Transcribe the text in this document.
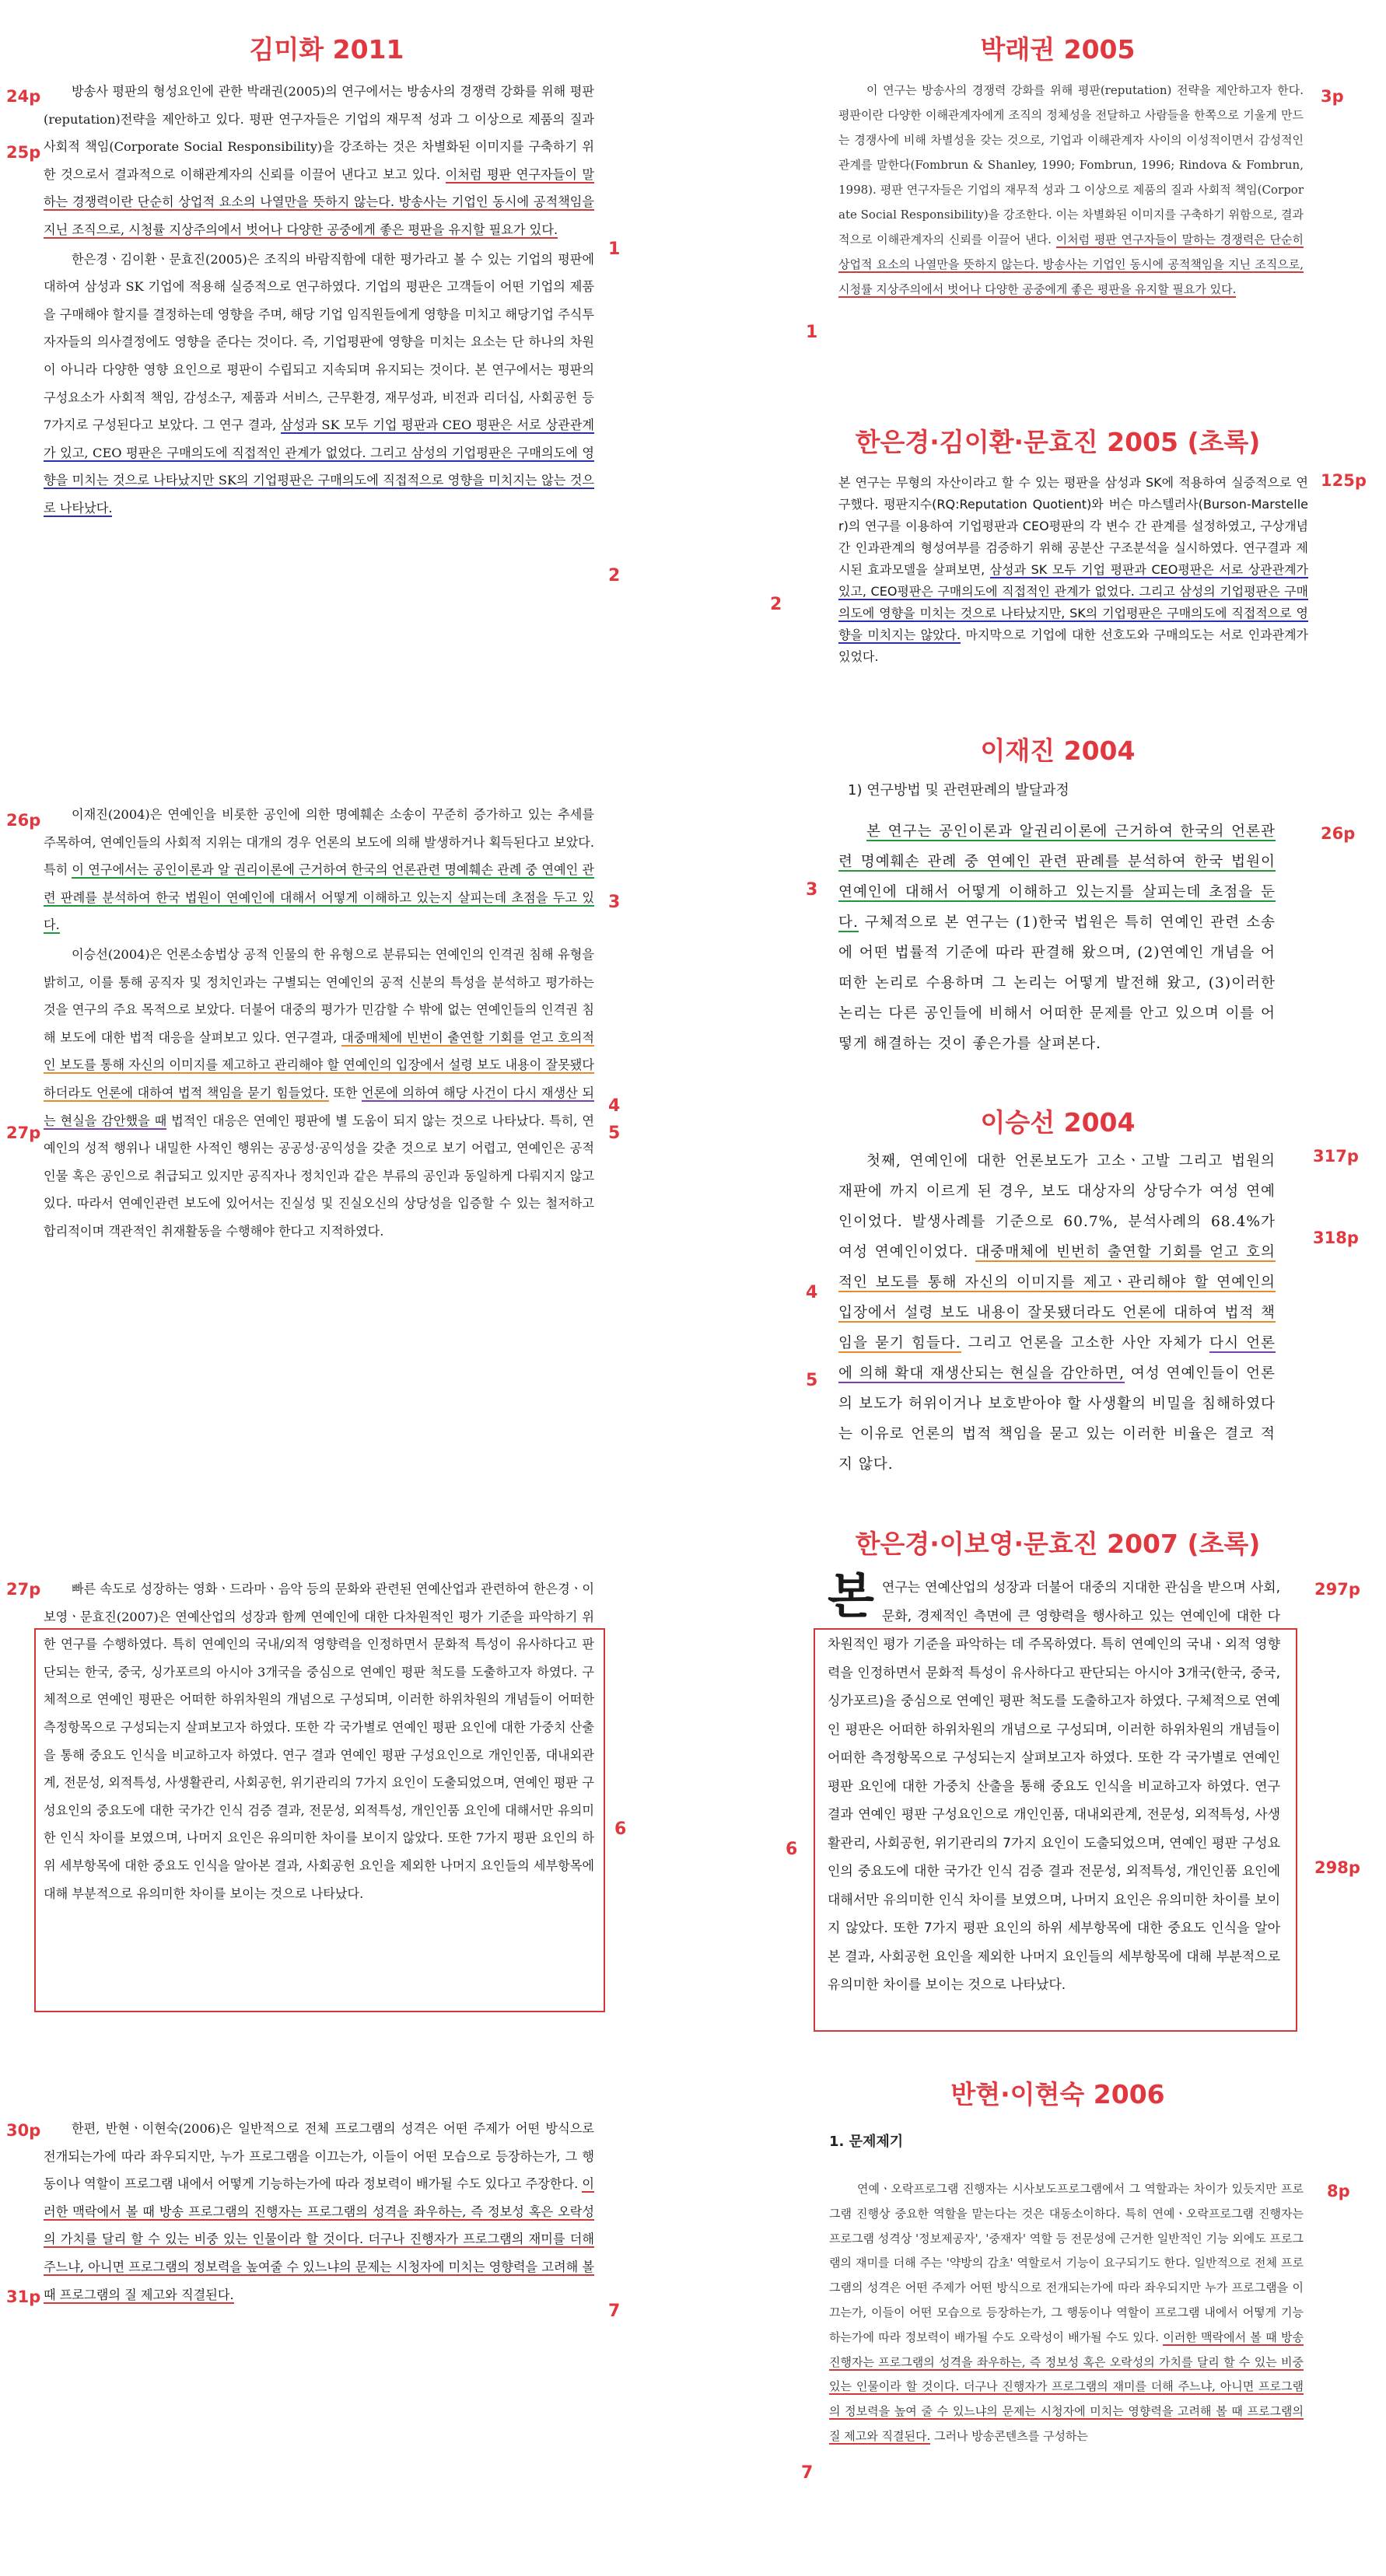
김미화 2011	박래권 2005
24p
25p
3p
1
2
1

방송사 평판의 형성요인에 관한 박래권(2005)의 연구에서는 방송사의 경쟁력 강화를 위해 평판(reputation)전략을 제안하고 있다. 평판 연구자들은 기업의 재무적 성과 그 이상으로 제품의 질과 사회적 책임(Corporate Social Responsibility)을 강조하는 것은 차별화된 이미지를 구축하기 위한 것으로서 결과적으로 이해관계자의 신뢰를 이끌어 낸다고 보고 있다. 이처럼 평판 연구자들이 말하는 경쟁력이란 단순히 상업적 요소의 나열만을 뜻하지 않는다. 방송사는 기업인 동시에 공적책임을 지닌 조직으로, 시청률 지상주의에서 벗어나 다양한 공중에게 좋은 평판을 유지할 필요가 있다.

한은경ㆍ김이환ㆍ문효진(2005)은 조직의 바람직함에 대한 평가라고 볼 수 있는 기업의 평판에 대하여 삼성과 SK 기업에 적용해 실증적으로 연구하였다. 기업의 평판은 고객들이 어떤 기업의 제품을 구매해야 할지를 결정하는데 영향을 주며, 해당 기업 임직원들에게 영향을 미치고 해당기업 주식투자자들의 의사결정에도 영향을 준다는 것이다. 즉, 기업평판에 영향을 미치는 요소는 단 하나의 차원이 아니라 다양한 영향 요인으로 평판이 수립되고 지속되며 유지되는 것이다. 본 연구에서는 평판의 구성요소가 사회적 책임, 감성소구, 제품과 서비스, 근무환경, 재무성과, 비전과 리더십, 사회공헌 등 7가지로 구성된다고 보았다. 그 연구 결과, 삼성과 SK 모두 기업 평판과 CEO 평판은 서로 상관관계가 있고, CEO 평판은 구매의도에 직접적인 관계가 없었다. 그리고 삼성의 기업평판은 구매의도에 영향을 미치는 것으로 나타났지만 SK의 기업평판은 구매의도에 직접적으로 영향을 미치지는 않는 것으로 나타났다.

이 연구는 방송사의 경쟁력 강화를 위해 평판(reputation) 전략을 제안하고자 한다. 평판이란 다양한 이해관계자에게 조직의 정체성을 전달하고 사람들을 한쪽으로 기울게 만드는 경쟁사에 비해 차별성을 갖는 것으로, 기업과 이해관계자 사이의 이성적이면서 감성적인 관계를 말한다(Fombrun & Shanley, 1990; Fombrun, 1996; Rindova & Fombrun, 1998). 평판 연구자들은 기업의 재무적 성과 그 이상으로 제품의 질과 사회적 책임(Corporate Social Responsibility)을 강조한다. 이는 차별화된 이미지를 구축하기 위함으로, 결과적으로 이해관계자의 신뢰를 이끌어 낸다. 이처럼 평판 연구자들이 말하는 경쟁력은 단순히 상업적 요소의 나열만을 뜻하지 않는다. 방송사는 기업인 동시에 공적책임을 지닌 조직으로, 시청률 지상주의에서 벗어나 다양한 공중에게 좋은 평판을 유지할 필요가 있다.

한은경·김이환·문효진 2005 (초록)
125p
2

본 연구는 무형의 자산이라고 할 수 있는 평판을 삼성과 SK에 적용하여 실증적으로 연구했다. 평판지수(RQ:Reputation Quotient)와 버슨 마스텔러사(Burson-Marsteller)의 연구를 이용하여 기업평판과 CEO평판의 각 변수 간 관계를 설정하였고, 구상개념 간 인과관계의 형성여부를 검증하기 위해 공분산 구조분석을 실시하였다. 연구결과 제시된 효과모델을 살펴보면, 삼성과 SK 모두 기업 평판과 CEO평판은 서로 상관관계가 있고, CEO평판은 구매의도에 직접적인 관계가 없었다. 그리고 삼성의 기업평판은 구매의도에 영향을 미치는 것으로 나타났지만, SK의 기업평판은 구매의도에 직접적으로 영향을 미치지는 않았다. 마지막으로 기업에 대한 선호도와 구매의도는 서로 인과관계가 있었다.

26p
27p
3
4
5

이재진(2004)은 연예인을 비롯한 공인에 의한 명예훼손 소송이 꾸준히 증가하고 있는 추세를 주목하여, 연예인들의 사회적 지위는 대개의 경우 언론의 보도에 의해 발생하거나 획득된다고 보았다. 특히 이 연구에서는 공인이론과 알 권리이론에 근거하여 한국의 언론관련 명예훼손 관례 중 연예인 관련 판례를 분석하여 한국 법원이 연예인에 대해서 어떻게 이해하고 있는지 살피는데 초점을 두고 있다.

이승선(2004)은 언론소송법상 공적 인물의 한 유형으로 분류되는 연예인의 인격권 침해 유형을 밝히고, 이를 통해 공직자 및 정치인과는 구별되는 연예인의 공적 신분의 특성을 분석하고 평가하는 것을 연구의 주요 목적으로 보았다. 더불어 대중의 평가가 민감할 수 밖에 없는 연예인들의 인격권 침해 보도에 대한 법적 대응을 살펴보고 있다. 연구결과, 대중매체에 빈번이 출연할 기회를 얻고 호의적인 보도를 통해 자신의 이미지를 제고하고 관리해야 할 연예인의 입장에서 설령 보도 내용이 잘못됐다 하더라도 언론에 대하여 법적 책임을 묻기 힘들었다. 또한 언론에 의하여 해당 사건이 다시 재생산 되는 현실을 감안했을 때 법적인 대응은 연예인 평판에 별 도움이 되지 않는 것으로 나타났다. 특히, 연예인의 성적 행위나 내밀한 사적인 행위는 공공성·공익성을 갖춘 것으로 보기 어렵고, 연예인은 공적인물 혹은 공인으로 취급되고 있지만 공직자나 정치인과 같은 부류의 공인과 동일하게 다뤄지지 않고 있다. 따라서 연예인관련 보도에 있어서는 진실성 및 진실오신의 상당성을 입증할 수 있는 철저하고 합리적이며 객관적인 취재활동을 수행해야 한다고 지적하였다.

이재진 2004
1) 연구방법 및 관련판례의 발달과정
26p
3

본 연구는 공인이론과 알권리이론에 근거하여 한국의 언론관련 명예훼손 관례 중 연예인 관련 판례를 분석하여 한국 법원이 연예인에 대해서 어떻게 이해하고 있는지를 살피는데 초점을 둔다. 구체적으로 본 연구는 (1)한국 법원은 특히 연예인 관련 소송에 어떤 법률적 기준에 따라 판결해 왔으며, (2)연예인 개념을 어떠한 논리로 수용하며 그 논리는 어떻게 발전해 왔고, (3)이러한 논리는 다른 공인들에 비해서 어떠한 문제를 안고 있으며 이를 어떻게 해결하는 것이 좋은가를 살펴본다.

이승선 2004
317p
318p
4
5

첫째, 연예인에 대한 언론보도가 고소ㆍ고발 그리고 법원의 재판에 까지 이르게 된 경우, 보도 대상자의 상당수가 여성 연예인이었다. 발생사례를 기준으로 60.7%, 분석사례의 68.4%가 여성 연예인이었다. 대중매체에 빈번히 출연할 기회를 얻고 호의적인 보도를 통해 자신의 이미지를 제고ㆍ관리해야 할 연예인의 입장에서 설령 보도 내용이 잘못됐더라도 언론에 대하여 법적 책임을 묻기 힘들다. 그리고 언론을 고소한 사안 자체가 다시 언론에 의해 확대 재생산되는 현실을 감안하면, 여성 연예인들이 언론의 보도가 허위이거나 보호받아야 할 사생활의 비밀을 침해하였다는 이유로 언론의 법적 책임을 묻고 있는 이러한 비율은 결코 적지 않다.

27p
6

빠른 속도로 성장하는 영화ㆍ드라마ㆍ음악 등의 문화와 관련된 연예산업과 관련하여 한은경ㆍ이보영ㆍ문효진(2007)은 연예산업의 성장과 함께 연예인에 대한 다차원적인 평가 기준을 파악하기 위한 연구를 수행하였다. 특히 연예인의 국내/외적 영향력을 인정하면서 문화적 특성이 유사하다고 판단되는 한국, 중국, 싱가포르의 아시아 3개국을 중심으로 연예인 평판 척도를 도출하고자 하였다. 구체적으로 연예인 평판은 어떠한 하위차원의 개념으로 구성되며, 이러한 하위차원의 개념들이 어떠한 측정항목으로 구성되는지 살펴보고자 하였다. 또한 각 국가별로 연예인 평판 요인에 대한 가중치 산출을 통해 중요도 인식을 비교하고자 하였다. 연구 결과 연예인 평판 구성요인으로 개인인품, 대내외관계, 전문성, 외적특성, 사생활관리, 사회공헌, 위기관리의 7가지 요인이 도출되었으며, 연예인 평판 구성요인의 중요도에 대한 국가간 인식 검증 결과, 전문성, 외적특성, 개인인품 요인에 대해서만 유의미한 인식 차이를 보였으며, 나머지 요인은 유의미한 차이를 보이지 않았다. 또한 7가지 평판 요인의 하위 세부항목에 대한 중요도 인식을 알아본 결과, 사회공헌 요인을 제외한 나머지 요인들의 세부항목에 대해 부분적으로 유의미한 차이를 보이는 것으로 나타났다.

한은경·이보영·문효진 2007 (초록)
297p
298p
6

본연구는 연예산업의 성장과 더불어 대중의 지대한 관심을 받으며 사회, 문화, 경제적인 측면에 큰 영향력을 행사하고 있는 연예인에 대한 다차원적인 평가 기준을 파악하는 데 주목하였다. 특히 연예인의 국내ㆍ외적 영향력을 인정하면서 문화적 특성이 유사하다고 판단되는 아시아 3개국(한국, 중국, 싱가포르)을 중심으로 연예인 평판 척도를 도출하고자 하였다. 구체적으로 연예인 평판은 어떠한 하위차원의 개념으로 구성되며, 이러한 하위차원의 개념들이 어떠한 측정항목으로 구성되는지 살펴보고자 하였다. 또한 각 국가별로 연예인 평판 요인에 대한 가중치 산출을 통해 중요도 인식을 비교하고자 하였다. 연구 결과 연예인 평판 구성요인으로 개인인품, 대내외관계, 전문성, 외적특성, 사생활관리, 사회공헌, 위기관리의 7가지 요인이 도출되었으며, 연예인 평판 구성요인의 중요도에 대한 국가간 인식 검증 결과 전문성, 외적특성, 개인인품 요인에 대해서만 유의미한 인식 차이를 보였으며, 나머지 요인은 유의미한 차이를 보이지 않았다. 또한 7가지 평판 요인의 하위 세부항목에 대한 중요도 인식을 알아본 결과, 사회공헌 요인을 제외한 나머지 요인들의 세부항목에 대해 부분적으로 유의미한 차이를 보이는 것으로 나타났다.

30p
31p
7

한편, 반현ㆍ이현숙(2006)은 일반적으로 전체 프로그램의 성격은 어떤 주제가 어떤 방식으로 전개되는가에 따라 좌우되지만, 누가 프로그램을 이끄는가, 이들이 어떤 모습으로 등장하는가, 그 행동이나 역할이 프로그램 내에서 어떻게 기능하는가에 따라 정보력이 배가될 수도 있다고 주장한다. 이러한 맥락에서 볼 때 방송 프로그램의 진행자는 프로그램의 성격을 좌우하는, 즉 정보성 혹은 오락성의 가치를 달리 할 수 있는 비중 있는 인물이라 할 것이다. 더구나 진행자가 프로그램의 재미를 더해 주느냐, 아니면 프로그램의 정보력을 높여줄 수 있느냐의 문제는 시청자에 미치는 영향력을 고려해 볼 때 프로그램의 질 제고와 직결된다.

반현·이현숙 2006
1. 문제제기
8p
7

연예ㆍ오락프로그램 진행자는 시사보도프로그램에서 그 역할과는 차이가 있듯지만 프로그램 진행상 중요한 역할을 맡는다는 것은 대동소이하다. 특히 연예ㆍ오락프로그램 진행자는 프로그램 성격상 '정보제공자', '중재자' 역할 등 전문성에 근거한 일반적인 기능 외에도 프로그램의 재미를 더해 주는 '약방의 감초' 역할로서 기능이 요구되기도 한다. 일반적으로 전체 프로그램의 성격은 어떤 주제가 어떤 방식으로 전개되는가에 따라 좌우되지만 누가 프로그램을 이끄는가, 이들이 어떤 모습으로 등장하는가, 그 행동이나 역할이 프로그램 내에서 어떻게 기능하는가에 따라 정보력이 배가될 수도 오락성이 배가될 수도 있다. 이러한 맥락에서 볼 때 방송진행자는 프로그램의 성격을 좌우하는, 즉 정보성 혹은 오락성의 가치를 달리 할 수 있는 비중 있는 인물이라 할 것이다. 더구나 진행자가 프로그램의 재미를 더해 주느냐, 아니면 프로그램의 정보력을 높여 줄 수 있느냐의 문제는 시청자에 미치는 영향력을 고려해 볼 때 프로그램의 질 제고와 직결된다. 그러나 방송콘텐츠를 구성하는
